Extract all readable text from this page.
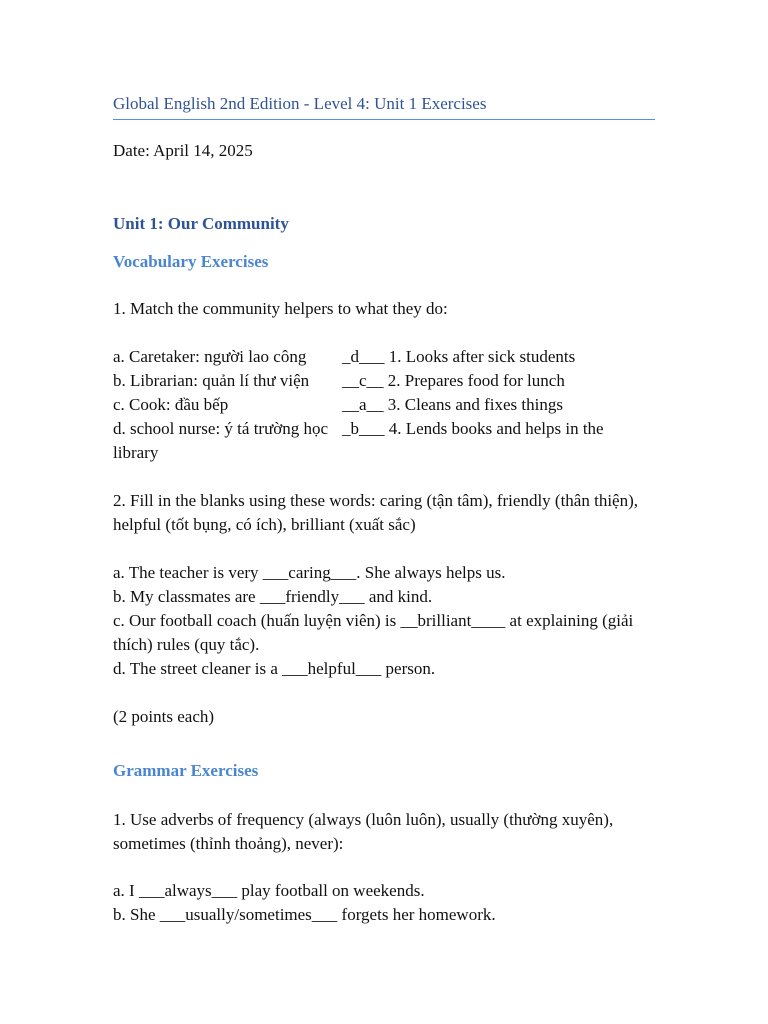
Global English 2nd Edition - Level 4: Unit 1 Exercises
Date: April 14, 2025
Unit 1: Our Community
Vocabulary Exercises
1. Match the community helpers to what they do:
a. Caretaker: người lao công _d___ 1. Looks after sick students
b. Librarian: quản lí thư viện __c__ 2. Prepares food for lunch
c. Cook: đầu bếp	__a__ 3. Cleans and fixes things
d. school nurse: ý tá trường học _b___ 4. Lends books and helps in the
library
2. Fill in the blanks using these words: caring (tận tâm), friendly (thân thiện), helpful (tốt bụng, có ích), brilliant (xuất sắc)
a. The teacher is very ___caring___. She always helps us.
b. My classmates are ___friendly___ and kind.
c. Our football coach (huấn luyện viên) is __brilliant____ at explaining (giải thích) rules (quy tắc).
d. The street cleaner is a ___helpful___ person.
(2 points each)
Grammar Exercises
1. Use adverbs of frequency (always (luôn luôn), usually (thường xuyên), sometimes (thỉnh thoảng), never):
a. I ___always___ play football on weekends.
b. She ___usually/sometimes___ forgets her homework.
